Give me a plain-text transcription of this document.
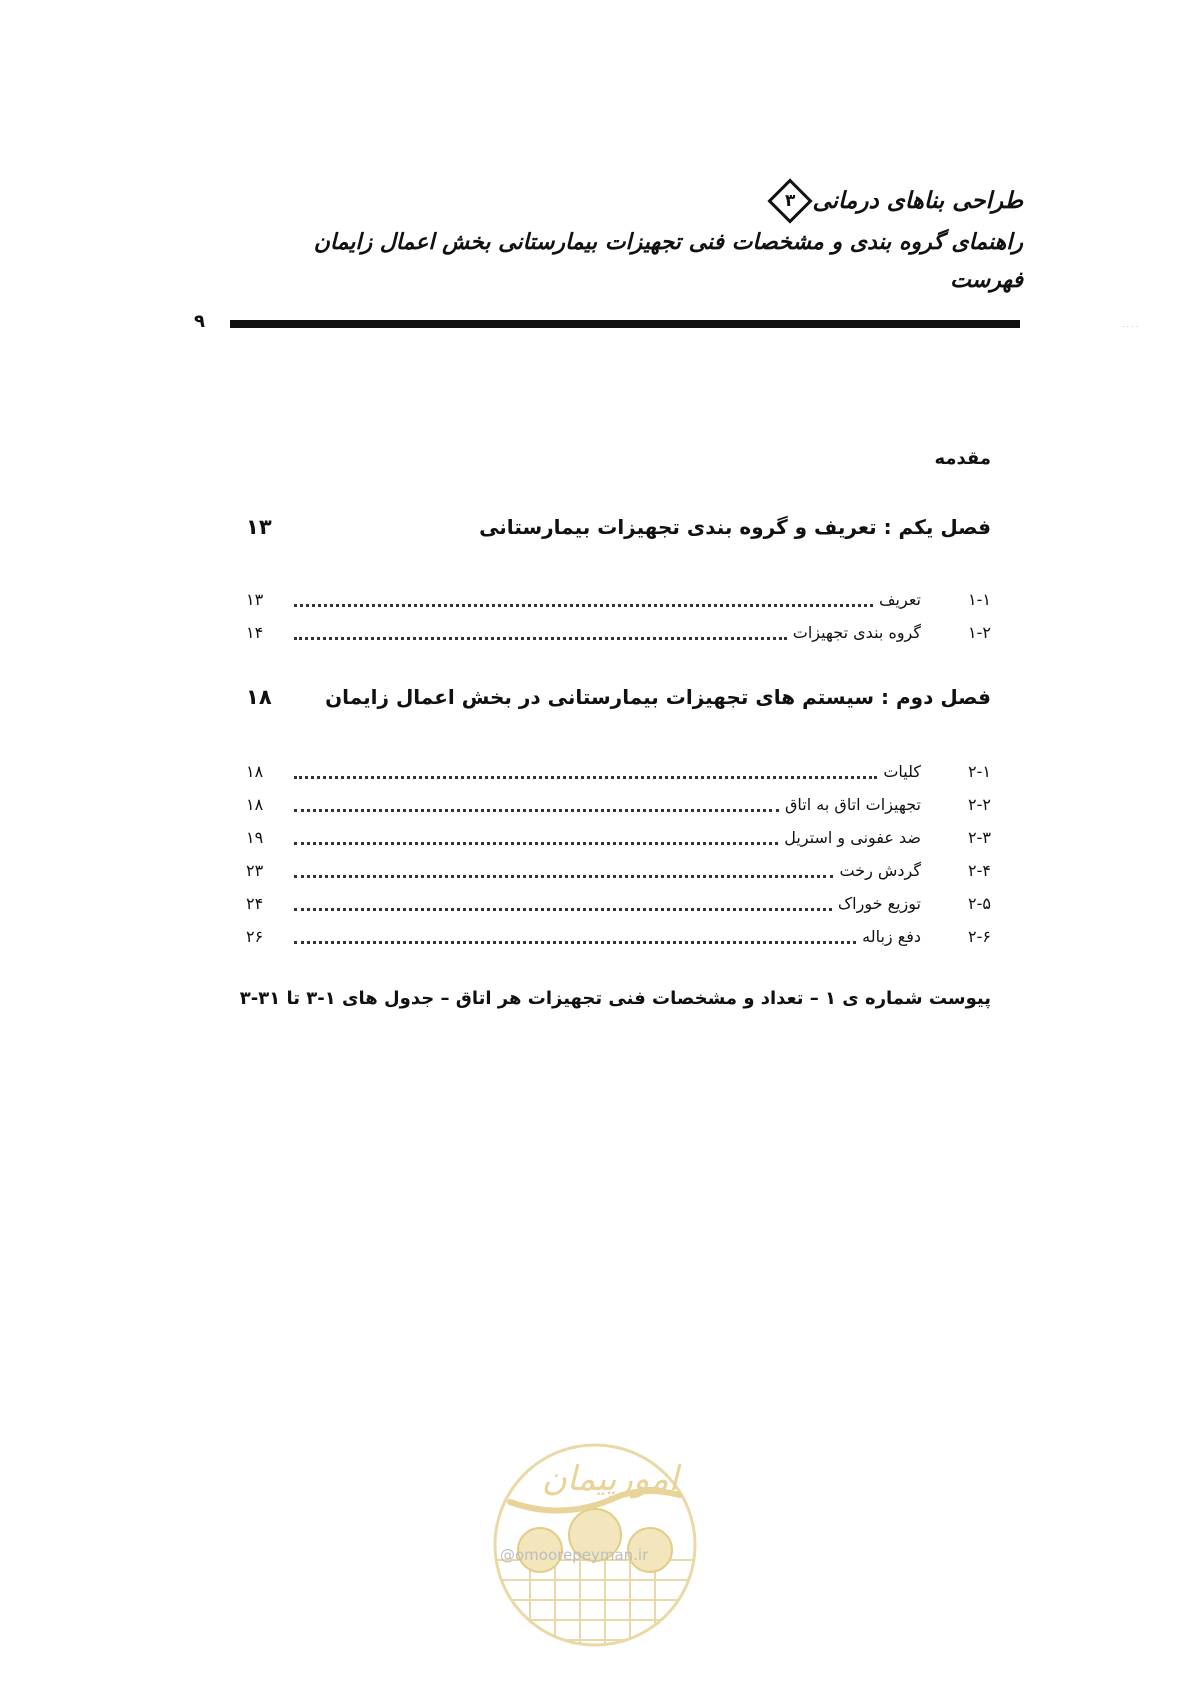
طراحی بناهای درمانی
۳
راهنمای گروه بندی و مشخصات فنی تجهیزات بیمارستانی بخش اعمال زایمان
فهرست
۹	....
مقدمه
فصل یکم : تعریف و گروه بندی تجهیزات بیمارستانی
۱۳
۱-۱
تعریف
۱۳
۱-۲
گروه بندی تجهیزات
۱۴
فصل دوم : سیستم های تجهیزات بیمارستانی در بخش اعمال زایمان
۱۸
۲-۱
کلیات
۱۸
۲-۲
تجهیزات اتاق به اتاق
۱۸
۲-۳
ضد عفونی و استریل
۱۹
۲-۴
گردش رخت
۲۳
۲-۵
توزیع خوراک
۲۴
۲-۶
دفع زباله
۲۶
پیوست شماره ی ۱ – تعداد و مشخصات فنی تجهیزات هر اتاق – جدول های ۱-۳ تا ۳۱-۳
امورپیمان
@omoorepeyman.ir
